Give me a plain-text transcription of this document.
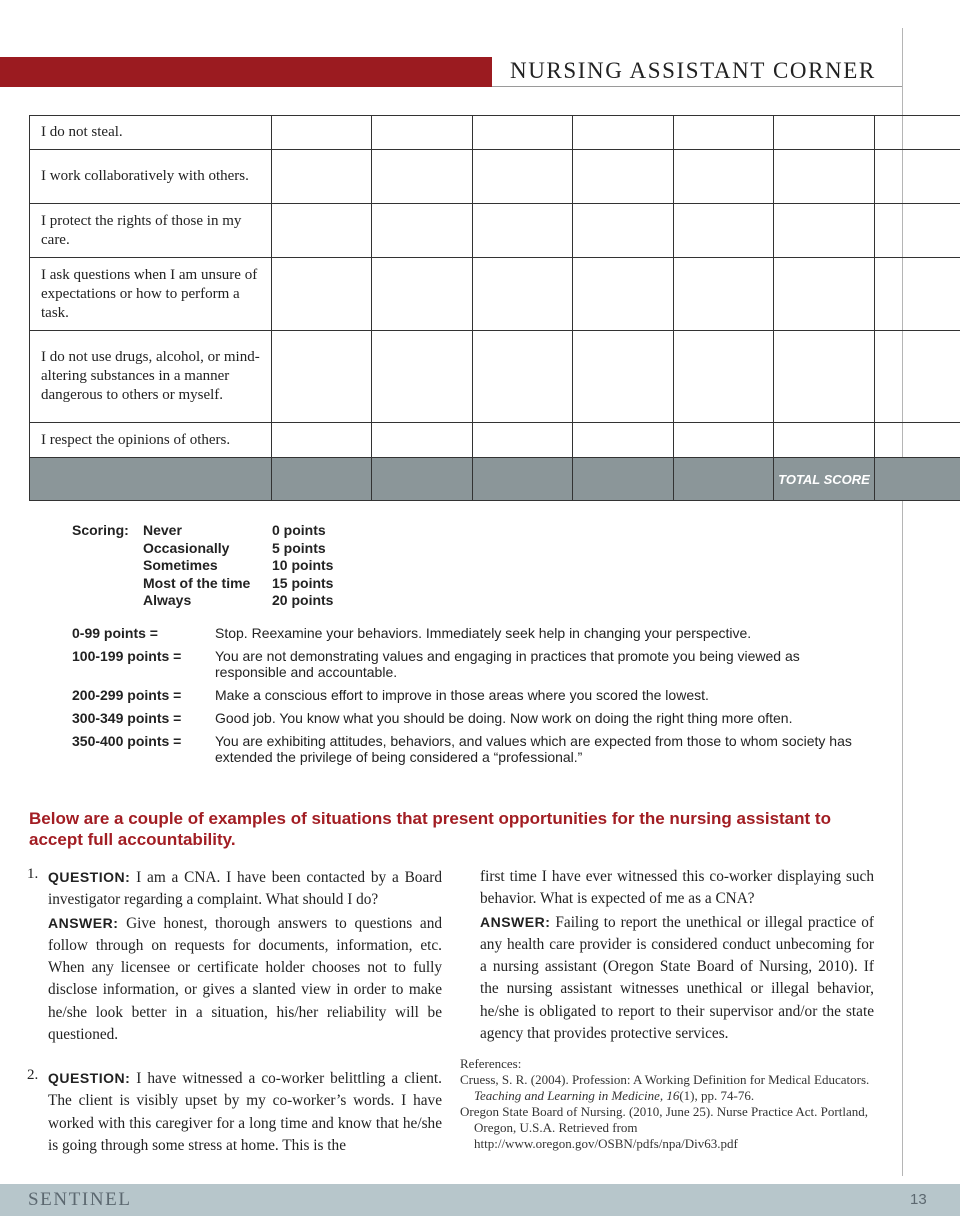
NURSING ASSISTANT CORNER
I do not steal.							
I work collaboratively with others.							
I protect the rights of those in my care.							
I ask questions when I am unsure of expectations or how to perform a task.							
I do not use drugs, alcohol, or mind-altering substances in a manner dangerous to others or myself.							
I respect the opinions of others.							
						TOTAL SCORE	
Scoring:	Never	0 points
	Occasionally	5 points
	Sometimes	10 points
	Most of the time	15 points
	Always	20 points
0-99 points =	Stop. Reexamine your behaviors. Immediately seek help in changing your perspective.
100-199 points =	You are not demonstrating values and engaging in practices that promote you being viewed as responsible and accountable.
200-299 points =	Make a conscious effort to improve in those areas where you scored the lowest.
300-349 points =	Good job. You know what you should be doing. Now work on doing the right thing more often.
350-400 points =	You are exhibiting attitudes, behaviors, and values which are expected from those to whom society has extended the privilege of being considered a “professional.”
Below are a couple of examples of situations that present opportunities for the nursing assistant to accept full accountability.
1. QUESTION: I am a CNA. I have been contacted by a Board investigator regarding a complaint. What should I do?
ANSWER: Give honest, thorough answers to questions and follow through on requests for documents, information, etc. When any licensee or certificate holder chooses not to fully disclose information, or gives a slanted view in order to make he/she look better in a situation, his/her reliability will be questioned.
2. QUESTION: I have witnessed a co-worker belittling a client. The client is visibly upset by my co-worker’s words. I have worked with this caregiver for a long time and know that he/she is going through some stress at home. This is the
first time I have ever witnessed this co-worker displaying such behavior. What is expected of me as a CNA?
ANSWER: Failing to report the unethical or illegal practice of any health care provider is considered conduct unbecoming for a nursing assistant (Oregon State Board of Nursing, 2010). If the nursing assistant witnesses unethical or illegal behavior, he/she is obligated to report to their supervisor and/or the state agency that provides protective services.
References:

Cruess, S. R. (2004). Profession: A Working Definition for Medical Educators. Teaching and Learning in Medicine, 16(1), pp. 74-76.

Oregon State Board of Nursing. (2010, June 25). Nurse Practice Act. Portland, Oregon, U.S.A. Retrieved from http://www.oregon.gov/OSBN/pdfs/npa/Div63.pdf

SENTINEL	13
